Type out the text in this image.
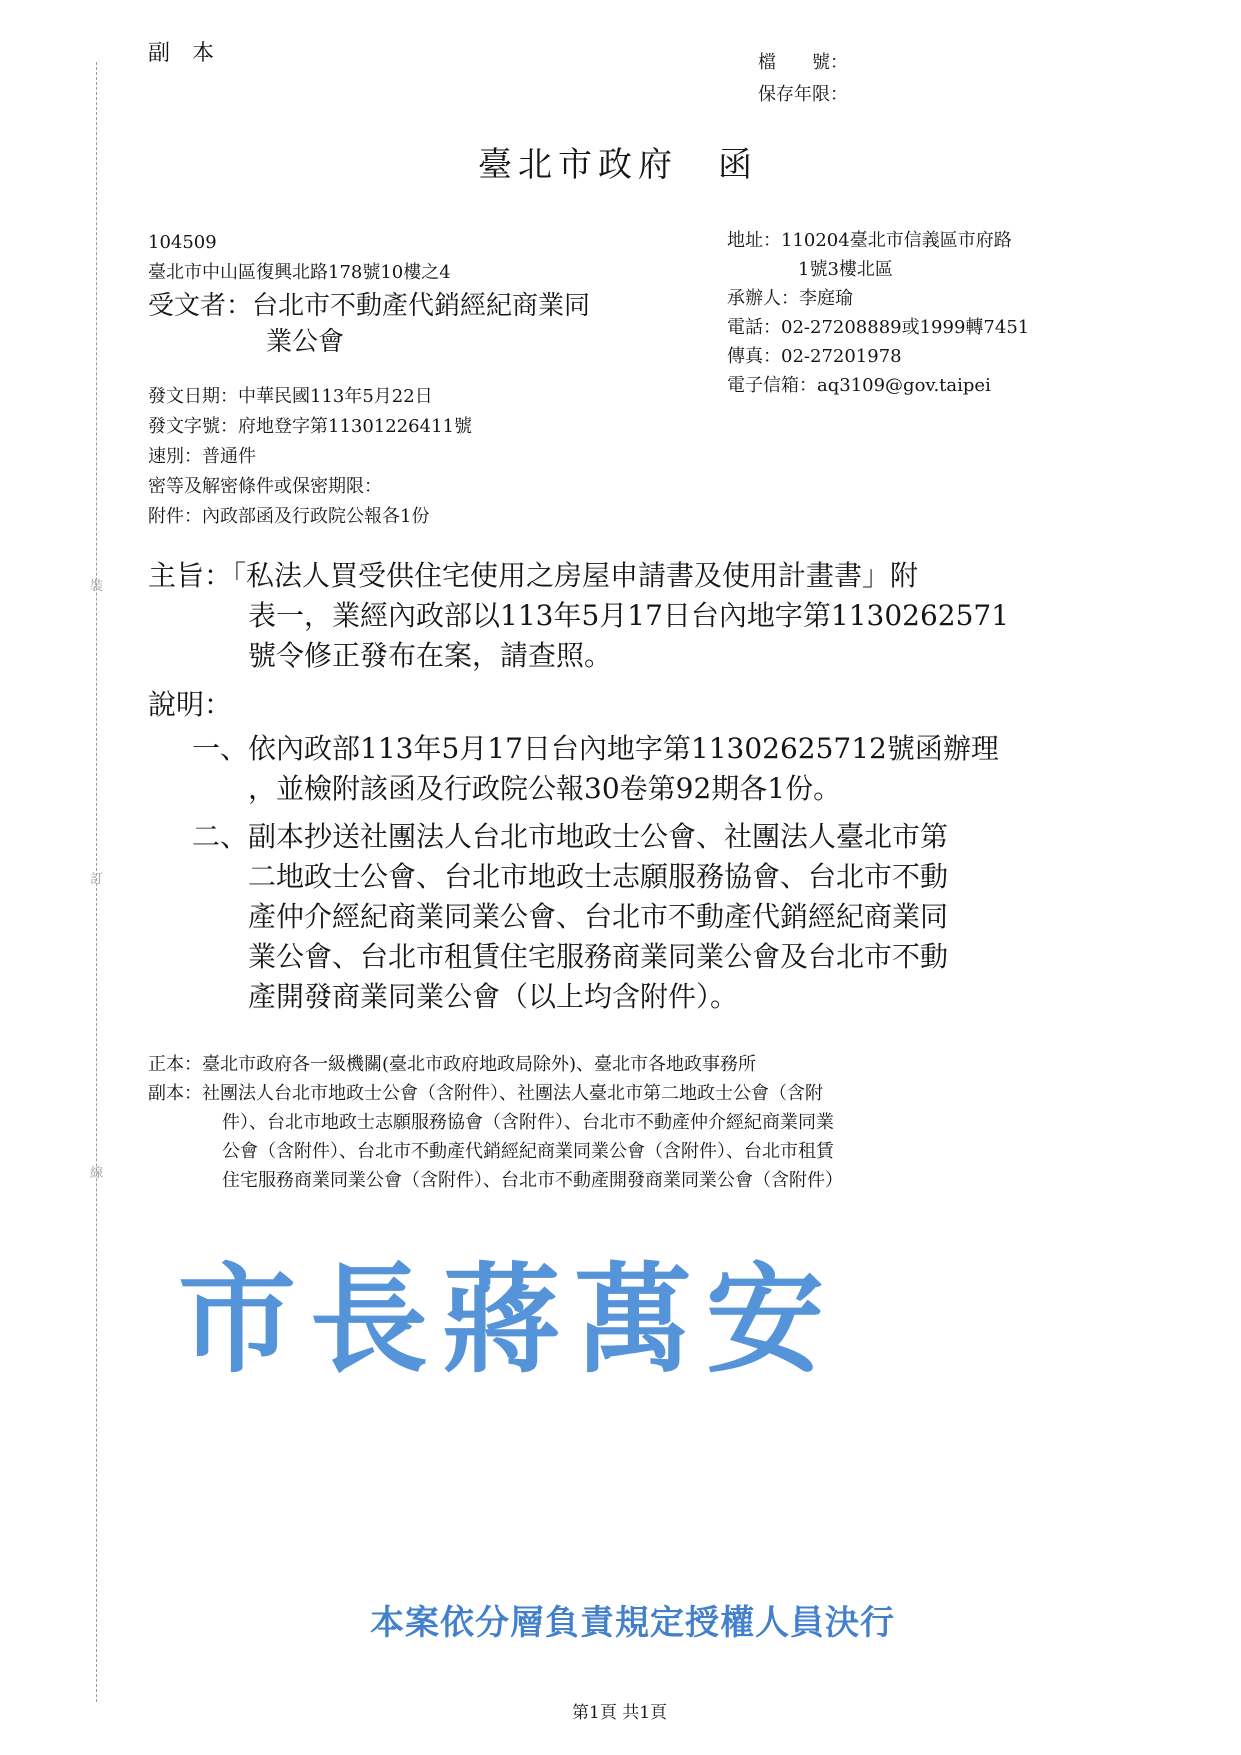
裝
訂
線
副　本	檔　　號：
保存年限：
臺北市政府　函
104509
臺北市中山區復興北路178號10樓之4
受文者：台北市不動產代銷經紀商業同
業公會
地址：110204臺北市信義區市府路
1號3樓北區
承辦人：李庭瑜
電話：02-27208889或1999轉7451
傳真：02-27201978
電子信箱：aq3109@gov.taipei
發文日期：中華民國113年5月22日
發文字號：府地登字第11301226411號
速別：普通件
密等及解密條件或保密期限：
附件：內政部函及行政院公報各1份
主旨：「私法人買受供住宅使用之房屋申請書及使用計畫書」附
表一，業經內政部以113年5月17日台內地字第1130262571
號令修正發布在案，請查照。
說明：
一、依內政部113年5月17日台內地字第11302625712號函辦理
，並檢附該函及行政院公報30卷第92期各1份。
二、副本抄送社團法人台北市地政士公會、社團法人臺北市第
二地政士公會、台北市地政士志願服務協會、台北市不動
產仲介經紀商業同業公會、台北市不動產代銷經紀商業同
業公會、台北市租賃住宅服務商業同業公會及台北市不動
產開發商業同業公會（以上均含附件）。
正本：臺北市政府各一級機關(臺北市政府地政局除外)、臺北市各地政事務所
副本：社團法人台北市地政士公會（含附件）、社團法人臺北市第二地政士公會（含附
件）、台北市地政士志願服務協會（含附件）、台北市不動產仲介經紀商業同業
公會（含附件）、台北市不動產代銷經紀商業同業公會（含附件）、台北市租賃
住宅服務商業同業公會（含附件）、台北市不動產開發商業同業公會（含附件）
市長蔣萬安
本案依分層負責規定授權人員決行
第1頁 共1頁
